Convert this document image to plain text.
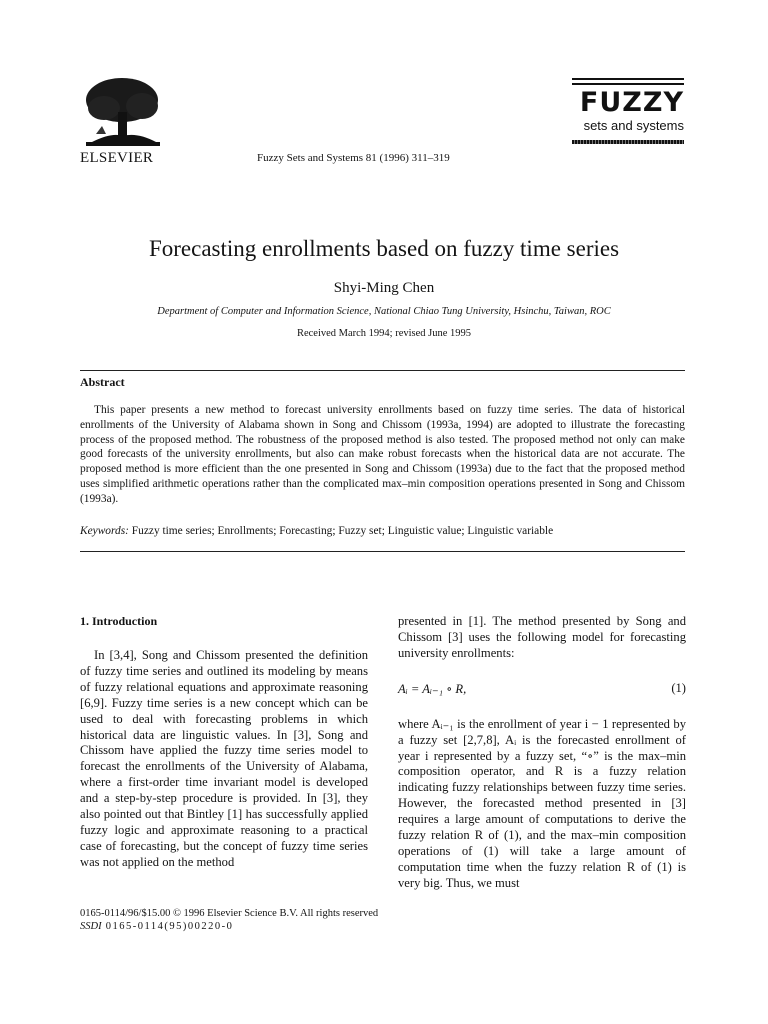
ELSEVIER	Fuzzy Sets and Systems 81 (1996) 311–319
FUZZY
sets and systems
Forecasting enrollments based on fuzzy time series
Shyi-Ming Chen
Department of Computer and Information Science, National Chiao Tung University, Hsinchu, Taiwan, ROC
Received March 1994; revised June 1995
Abstract
This paper presents a new method to forecast university enrollments based on fuzzy time series. The data of historical enrollments of the University of Alabama shown in Song and Chissom (1993a, 1994) are adopted to illustrate the forecasting process of the proposed method. The robustness of the proposed method is also tested. The proposed method not only can make good forecasts of the university enrollments, but also can make robust forecasts when the historical data are not accurate. The proposed method is more efficient than the one presented in Song and Chissom (1993a) due to the fact that the proposed method uses simplified arithmetic operations rather than the complicated max–min composition operations presented in Song and Chissom (1993a).
Keywords: Fuzzy time series; Enrollments; Forecasting; Fuzzy set; Linguistic value; Linguistic variable
1. Introduction

In [3,4], Song and Chissom presented the definition of fuzzy time series and outlined its modeling by means of fuzzy relational equations and approximate reasoning [6,9]. Fuzzy time series is a new concept which can be used to deal with forecasting problems in which historical data are linguistic values. In [3], Song and Chissom have applied the fuzzy time series model to forecast the enrollments of the University of Alabama, where a first-order time invariant model is developed and a step-by-step procedure is provided. In [3], they also pointed out that Bintley [1] has successfully applied fuzzy logic and approximate reasoning to a practical case of forecasting, but the concept of fuzzy time series was not applied on the method

presented in [1]. The method presented by Song and Chissom [3] uses the following model for forecasting university enrollments:

Aᵢ = Aᵢ₋₁ ∘ R,	(1)

where Aᵢ₋₁ is the enrollment of year i − 1 represented by a fuzzy set [2,7,8], Aᵢ is the forecasted enrollment of year i represented by a fuzzy set, “∘” is the max–min composition operator, and R is a fuzzy relation indicating fuzzy relationships between fuzzy time series. However, the forecasted method presented in [3] requires a large amount of computations to derive the fuzzy relation R of (1), and the max–min composition operations of (1) will take a large amount of computation time when the fuzzy relation R of (1) is very big. Thus, we must

0165-0114/96/$15.00 © 1996 Elsevier Science B.V. All rights reserved
SSDI 0165-0114(95)00220-0
